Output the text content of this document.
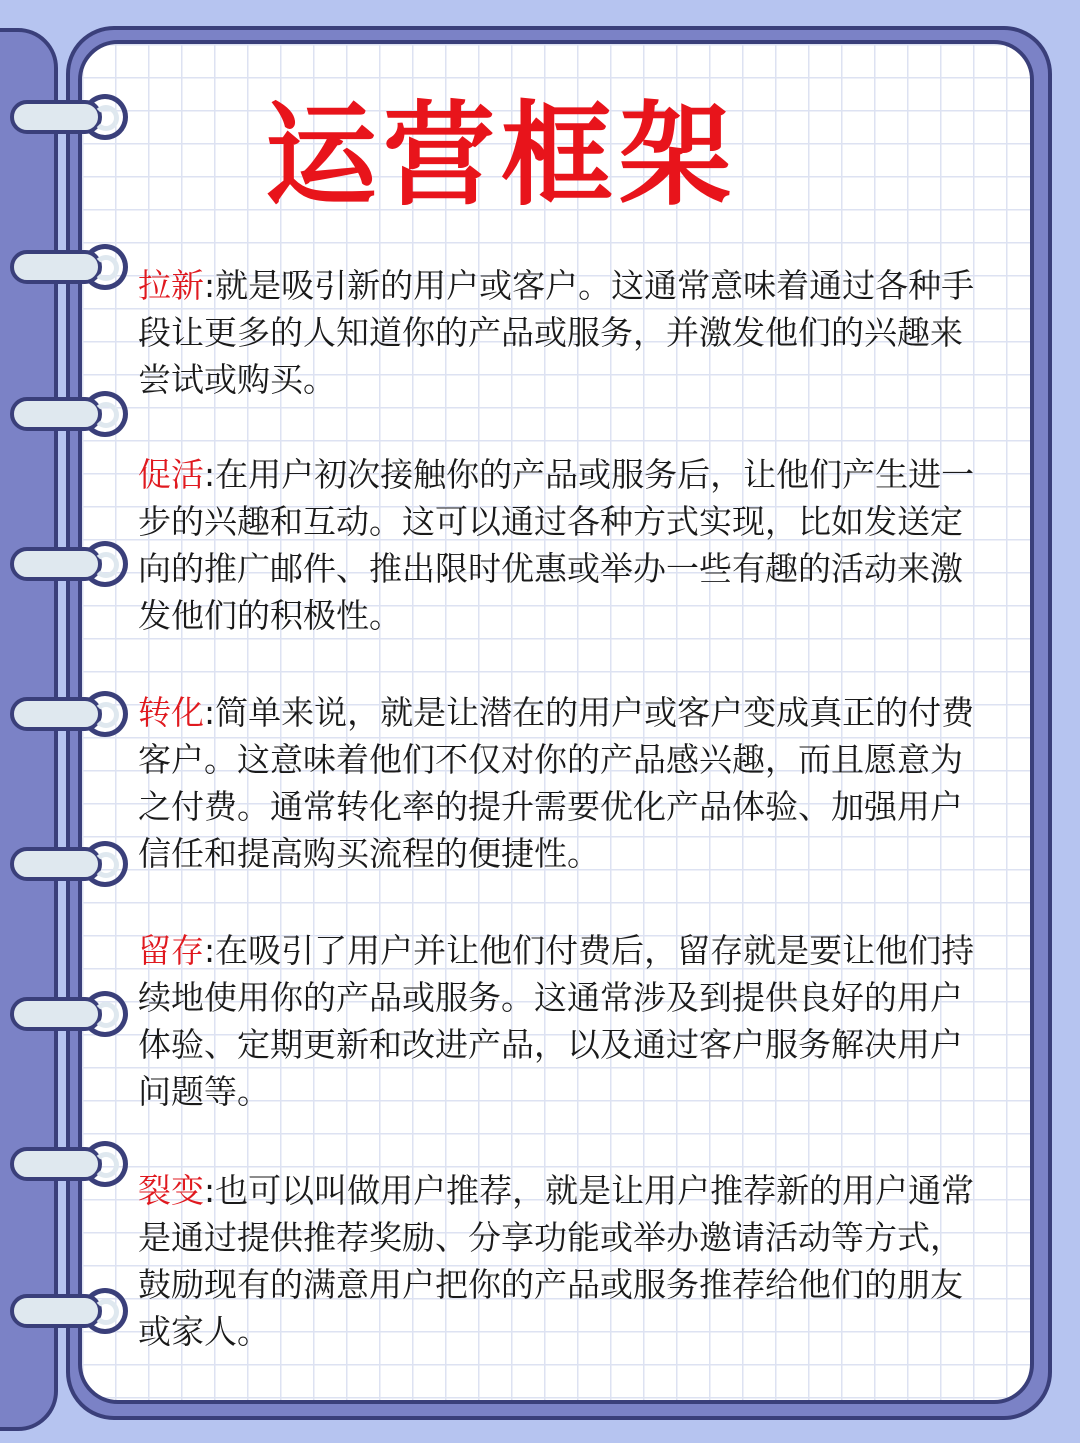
运营框架

拉新:就是吸引新的用户或客户。这通常意味着通过各种手段让更多的人知道你的产品或服务，并激发他们的兴趣来尝试或购买。

促活:在用户初次接触你的产品或服务后，让他们产生进一步的兴趣和互动。这可以通过各种方式实现，比如发送定向的推广邮件、推出限时优惠或举办一些有趣的活动来激发他们的积极性。

转化:简单来说，就是让潜在的用户或客户变成真正的付费客户。这意味着他们不仅对你的产品感兴趣，而且愿意为之付费。通常转化率的提升需要优化产品体验、加强用户信任和提高购买流程的便捷性。

留存:在吸引了用户并让他们付费后，留存就是要让他们持续地使用你的产品或服务。这通常涉及到提供良好的用户体验、定期更新和改进产品，以及通过客户服务解决用户问题等。

裂变:也可以叫做用户推荐，就是让用户推荐新的用户通常是通过提供推荐奖励、分享功能或举办邀请活动等方式，鼓励现有的满意用户把你的产品或服务推荐给他们的朋友或家人。
